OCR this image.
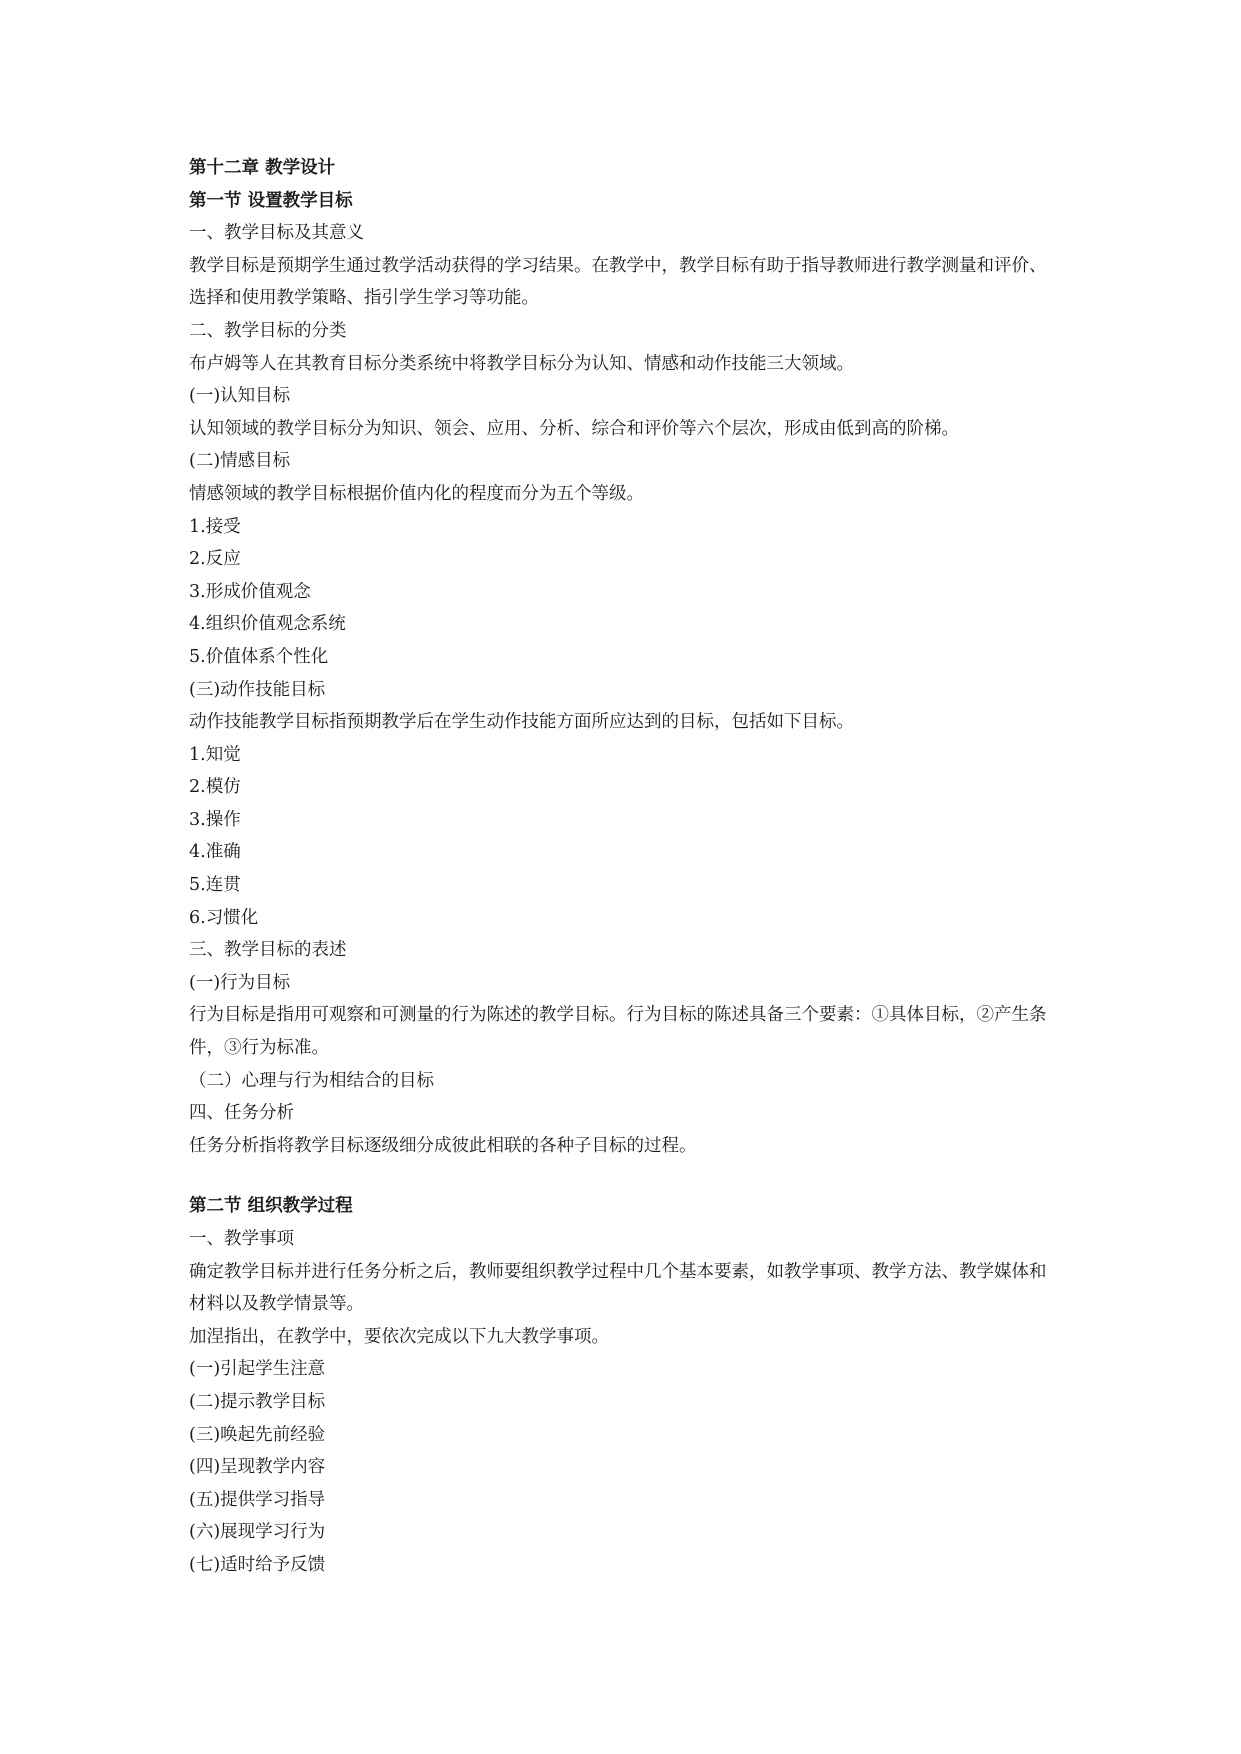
第十二章 教学设计
第一节 设置教学目标
一、教学目标及其意义
教学目标是预期学生通过教学活动获得的学习结果。在教学中，教学目标有助于指导教师进行教学测量和评价、选择和使用教学策略、指引学生学习等功能。
二、教学目标的分类
布卢姆等人在其教育目标分类系统中将教学目标分为认知、情感和动作技能三大领域。
(一)认知目标
认知领域的教学目标分为知识、领会、应用、分析、综合和评价等六个层次，形成由低到高的阶梯。
(二)情感目标
情感领域的教学目标根据价值内化的程度而分为五个等级。
1.接受
2.反应
3.形成价值观念
4.组织价值观念系统
5.价值体系个性化
(三)动作技能目标
动作技能教学目标指预期教学后在学生动作技能方面所应达到的目标，包括如下目标。
1.知觉
2.模仿
3.操作
4.准确
5.连贯
6.习惯化
三、教学目标的表述
(一)行为目标
行为目标是指用可观察和可测量的行为陈述的教学目标。行为目标的陈述具备三个要素：①具体目标，②产生条件，③行为标准。
（二）心理与行为相结合的目标
四、任务分析
任务分析指将教学目标逐级细分成彼此相联的各种子目标的过程。
第二节 组织教学过程
一、教学事项
确定教学目标并进行任务分析之后，教师要组织教学过程中几个基本要素，如教学事项、教学方法、教学媒体和材料以及教学情景等。
加涅指出，在教学中，要依次完成以下九大教学事项。
(一)引起学生注意
(二)提示教学目标
(三)唤起先前经验
(四)呈现教学内容
(五)提供学习指导
(六)展现学习行为
(七)适时给予反馈
